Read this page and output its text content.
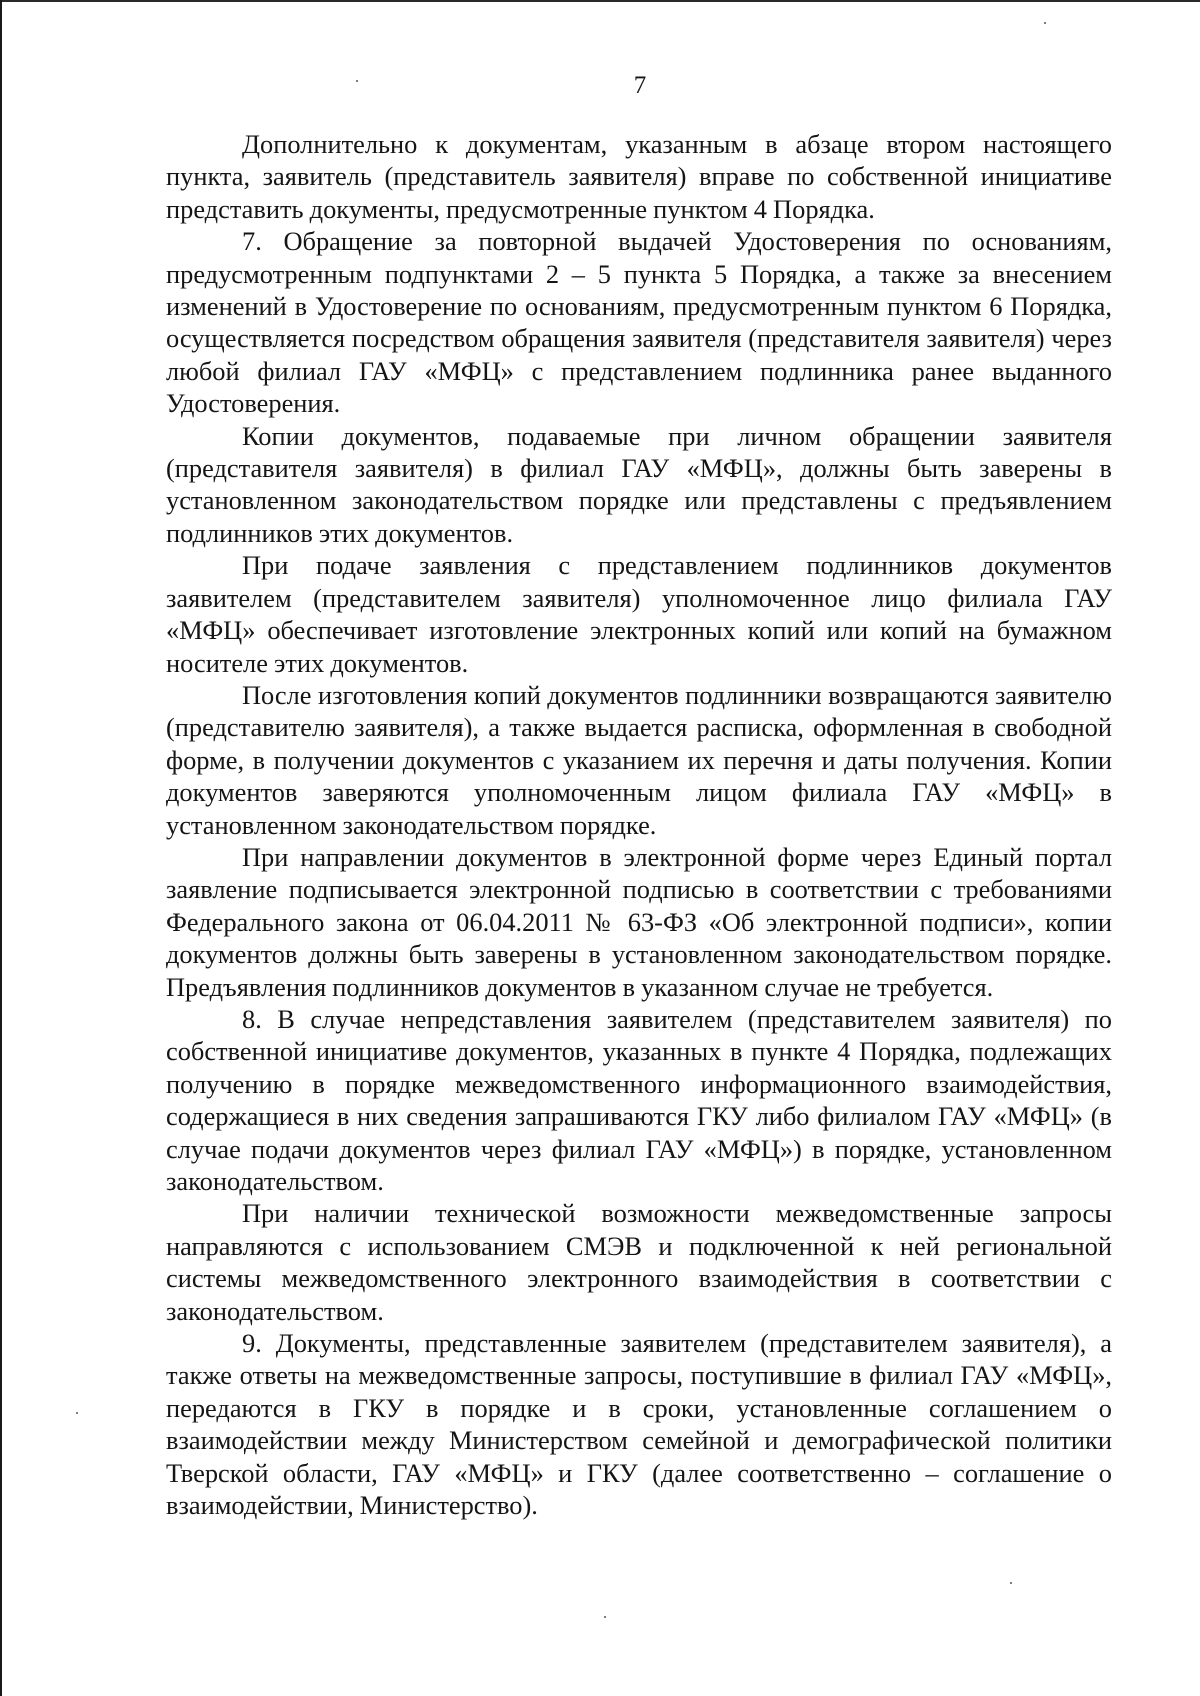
7

Дополнительно к документам, указанным в абзаце втором настоящего пункта, заявитель (представитель заявителя) вправе по собственной инициативе представить документы, предусмотренные пунктом 4 Порядка.

7. Обращение за повторной выдачей Удостоверения по основаниям, предусмотренным подпунктами 2 – 5 пункта 5 Порядка, а также за внесением изменений в Удостоверение по основаниям, предусмотренным пунктом 6 Порядка, осуществляется посредством обращения заявителя (представителя заявителя) через любой филиал ГАУ «МФЦ» с представлением подлинника ранее выданного Удостоверения.

Копии документов, подаваемые при личном обращении заявителя (представителя заявителя) в филиал ГАУ «МФЦ», должны быть заверены в установленном законодательством порядке или представлены с предъявлением подлинников этих документов.

При подаче заявления с представлением подлинников документов заявителем (представителем заявителя) уполномоченное лицо филиала ГАУ «МФЦ» обеспечивает изготовление электронных копий или копий на бумажном носителе этих документов.

После изготовления копий документов подлинники возвращаются заявителю (представителю заявителя), а также выдается расписка, оформленная в свободной форме, в получении документов с указанием их перечня и даты получения. Копии документов заверяются уполномоченным лицом филиала ГАУ «МФЦ» в установленном законодательством порядке.

При направлении документов в электронной форме через Единый портал заявление подписывается электронной подписью в соответствии с требованиями Федерального закона от 06.04.2011 № 63-ФЗ «Об электронной подписи», копии документов должны быть заверены в установленном законодательством порядке. Предъявления подлинников документов в указанном случае не требуется.

8. В случае непредставления заявителем (представителем заявителя) по собственной инициативе документов, указанных в пункте 4 Порядка, подлежащих получению в порядке межведомственного информационного взаимодействия, содержащиеся в них сведения запрашиваются ГКУ либо филиалом ГАУ «МФЦ» (в случае подачи документов через филиал ГАУ «МФЦ») в порядке, установленном законодательством.

При наличии технической возможности межведомственные запросы направляются с использованием СМЭВ и подключенной к ней региональной системы межведомственного электронного взаимодействия в соответствии с законодательством.

9. Документы, представленные заявителем (представителем заявителя), а также ответы на межведомственные запросы, поступившие в филиал ГАУ «МФЦ», передаются в ГКУ в порядке и в сроки, установленные соглашением о взаимодействии между Министерством семейной и демографической политики Тверской области, ГАУ «МФЦ» и ГКУ (далее соответственно – соглашение о взаимодействии, Министерство).
